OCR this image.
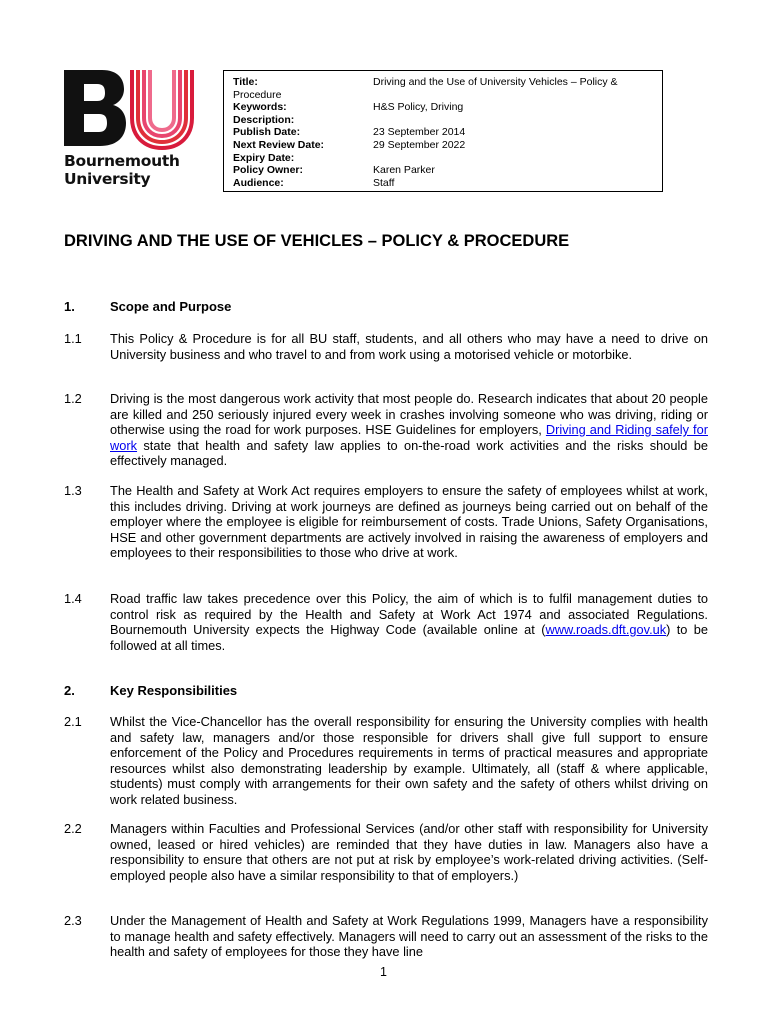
Bournemouth
University
Title:
Procedure
Keywords:
Description:
Publish Date:
Next Review Date:
Expiry Date:
Policy Owner:
Audience:
Driving and the Use of University Vehicles – Policy &
H&S Policy, Driving
23 September 2014
29 September 2022
Karen Parker
Staff
DRIVING AND THE USE OF VEHICLES – POLICY & PROCEDURE
1.	Scope and Purpose
1.1 This Policy & Procedure is for all BU staff, students, and all others who may have a need to drive on University business and who travel to and from work using a motorised vehicle or motorbike.
1.2 Driving is the most dangerous work activity that most people do. Research indicates that about 20 people are killed and 250 seriously injured every week in crashes involving someone who was driving, riding or otherwise using the road for work purposes. HSE Guidelines for employers, Driving and Riding safely for work state that health and safety law applies to on-the-road work activities and the risks should be effectively managed.
1.3 The Health and Safety at Work Act requires employers to ensure the safety of employees whilst at work, this includes driving. Driving at work journeys are defined as journeys being carried out on behalf of the employer where the employee is eligible for reimbursement of costs. Trade Unions, Safety Organisations, HSE and other government departments are actively involved in raising the awareness of employers and employees to their responsibilities to those who drive at work.
1.4 Road traffic law takes precedence over this Policy, the aim of which is to fulfil management duties to control risk as required by the Health and Safety at Work Act 1974 and associated Regulations. Bournemouth University expects the Highway Code (available online at (www.roads.dft.gov.uk) to be followed at all times.
2.	Key Responsibilities
2.1 Whilst the Vice-Chancellor has the overall responsibility for ensuring the University complies with health and safety law, managers and/or those responsible for drivers shall give full support to ensure enforcement of the Policy and Procedures requirements in terms of practical measures and appropriate resources whilst also demonstrating leadership by example. Ultimately, all (staff & where applicable, students) must comply with arrangements for their own safety and the safety of others whilst driving on work related business.
2.2 Managers within Faculties and Professional Services (and/or other staff with responsibility for University owned, leased or hired vehicles) are reminded that they have duties in law. Managers also have a responsibility to ensure that others are not put at risk by employee’s work-related driving activities. (Self-employed people also have a similar responsibility to that of employers.)
2.3 Under the Management of Health and Safety at Work Regulations 1999, Managers have a responsibility to manage health and safety effectively. Managers will need to carry out an assessment of the risks to the health and safety of employees for those they have line
1
